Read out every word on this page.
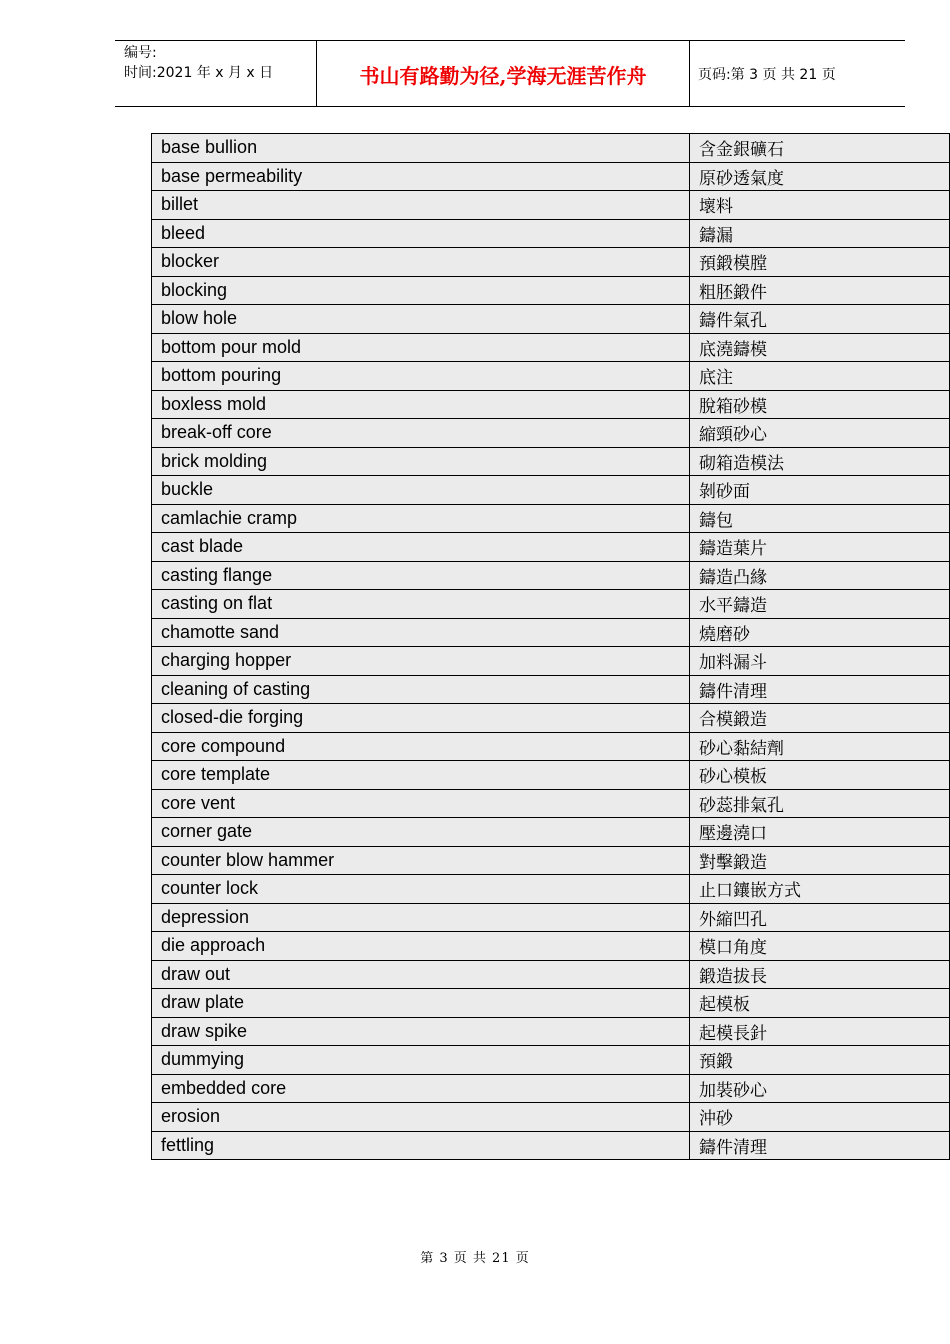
编号:
时间:2021 年 x 月 x 日	书山有路勤为径,学海无涯苦作舟	页码:第 3 页 共 21 页
base bullion	含金銀礦石
base permeability	原砂透氣度
billet	壞料
bleed	鑄漏
blocker	預鍛模膛
blocking	粗胚鍛件
blow hole	鑄件氣孔
bottom pour mold	底澆鑄模
bottom pouring	底注
boxless mold	脫箱砂模
break-off core	縮頸砂心
brick molding	砌箱造模法
buckle	剝砂面
camlachie cramp	鑄包
cast blade	鑄造葉片
casting flange	鑄造凸緣
casting on flat	水平鑄造
chamotte sand	燒磨砂
charging hopper	加料漏斗
cleaning of casting	鑄件清理
closed-die forging	合模鍛造
core compound	砂心黏結劑
core template	砂心模板
core vent	砂蕊排氣孔
corner gate	壓邊澆口
counter blow hammer	對擊鍛造
counter lock	止口鑲嵌方式
depression	外縮凹孔
die approach	模口角度
draw out	鍛造拔長
draw plate	起模板
draw spike	起模長針
dummying	預鍛
embedded core	加裝砂心
erosion	沖砂
fettling	鑄件清理
第 3 页 共 21 页
